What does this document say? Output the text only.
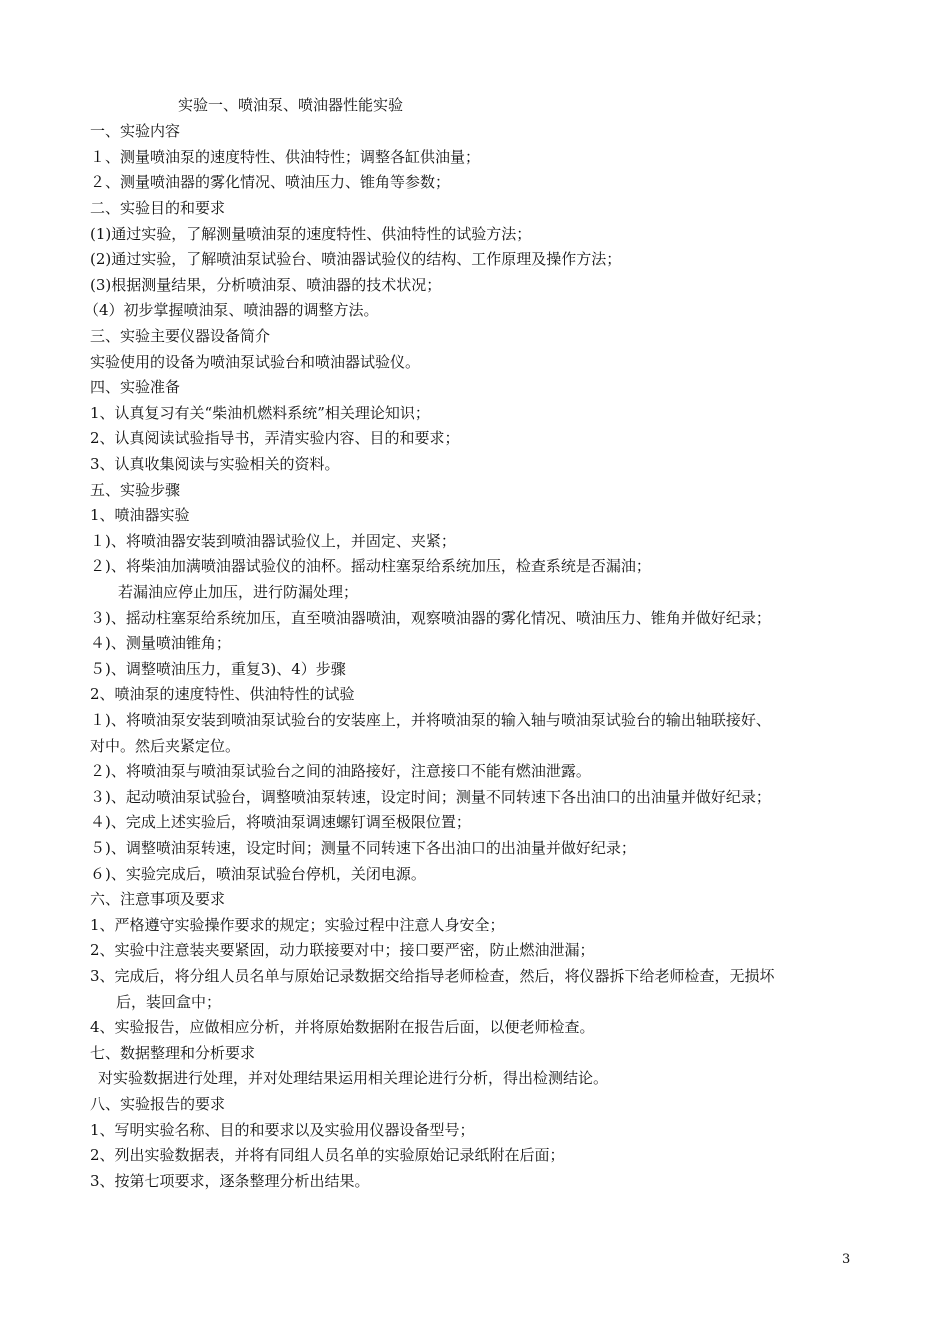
实验一、喷油泵、喷油器性能实验
一、实验内容
１、测量喷油泵的速度特性、供油特性；调整各缸供油量；
２、测量喷油器的雾化情况、喷油压力、锥角等参数；
二、实验目的和要求
(1)通过实验，了解测量喷油泵的速度特性、供油特性的试验方法；
(2)通过实验，了解喷油泵试验台、喷油器试验仪的结构、工作原理及操作方法；
(3)根据测量结果，分析喷油泵、喷油器的技术状况；
（4）初步掌握喷油泵、喷油器的调整方法。
三、实验主要仪器设备简介
实验使用的设备为喷油泵试验台和喷油器试验仪。
四、实验准备
1、认真复习有关“柴油机燃料系统”相关理论知识；
2、认真阅读试验指导书，弄清实验内容、目的和要求；
3、认真收集阅读与实验相关的资料。
五、实验步骤
1、喷油器实验
１)、将喷油器安装到喷油器试验仪上，并固定、夹紧；
２)、将柴油加满喷油器试验仪的油杯。摇动柱塞泵给系统加压，检查系统是否漏油；
若漏油应停止加压，进行防漏处理；
３)、摇动柱塞泵给系统加压，直至喷油器喷油，观察喷油器的雾化情况、喷油压力、锥角并做好纪录；
４)、测量喷油锥角；
５)、调整喷油压力，重复3)、4）步骤
2、喷油泵的速度特性、供油特性的试验
１)、将喷油泵安装到喷油泵试验台的安装座上，并将喷油泵的输入轴与喷油泵试验台的输出轴联接好、
对中。然后夹紧定位。
２)、将喷油泵与喷油泵试验台之间的油路接好，注意接口不能有燃油泄露。
３)、起动喷油泵试验台，调整喷油泵转速，设定时间；测量不同转速下各出油口的出油量并做好纪录；
４)、完成上述实验后，将喷油泵调速螺钉调至极限位置；
５)、调整喷油泵转速，设定时间；测量不同转速下各出油口的出油量并做好纪录；
６)、实验完成后，喷油泵试验台停机，关闭电源。
六、注意事项及要求
1、严格遵守实验操作要求的规定；实验过程中注意人身安全；
2、实验中注意装夹要紧固，动力联接要对中；接口要严密，防止燃油泄漏；
3、完成后，将分组人员名单与原始记录数据交给指导老师检查，然后，将仪器拆下给老师检查，无损坏
后，装回盒中；
4、实验报告，应做相应分析，并将原始数据附在报告后面，以便老师检查。
七、数据整理和分析要求
对实验数据进行处理，并对处理结果运用相关理论进行分析，得出检测结论。
八、实验报告的要求
1、写明实验名称、目的和要求以及实验用仪器设备型号；
2、列出实验数据表，并将有同组人员名单的实验原始记录纸附在后面；
3、按第七项要求，逐条整理分析出结果。
3
